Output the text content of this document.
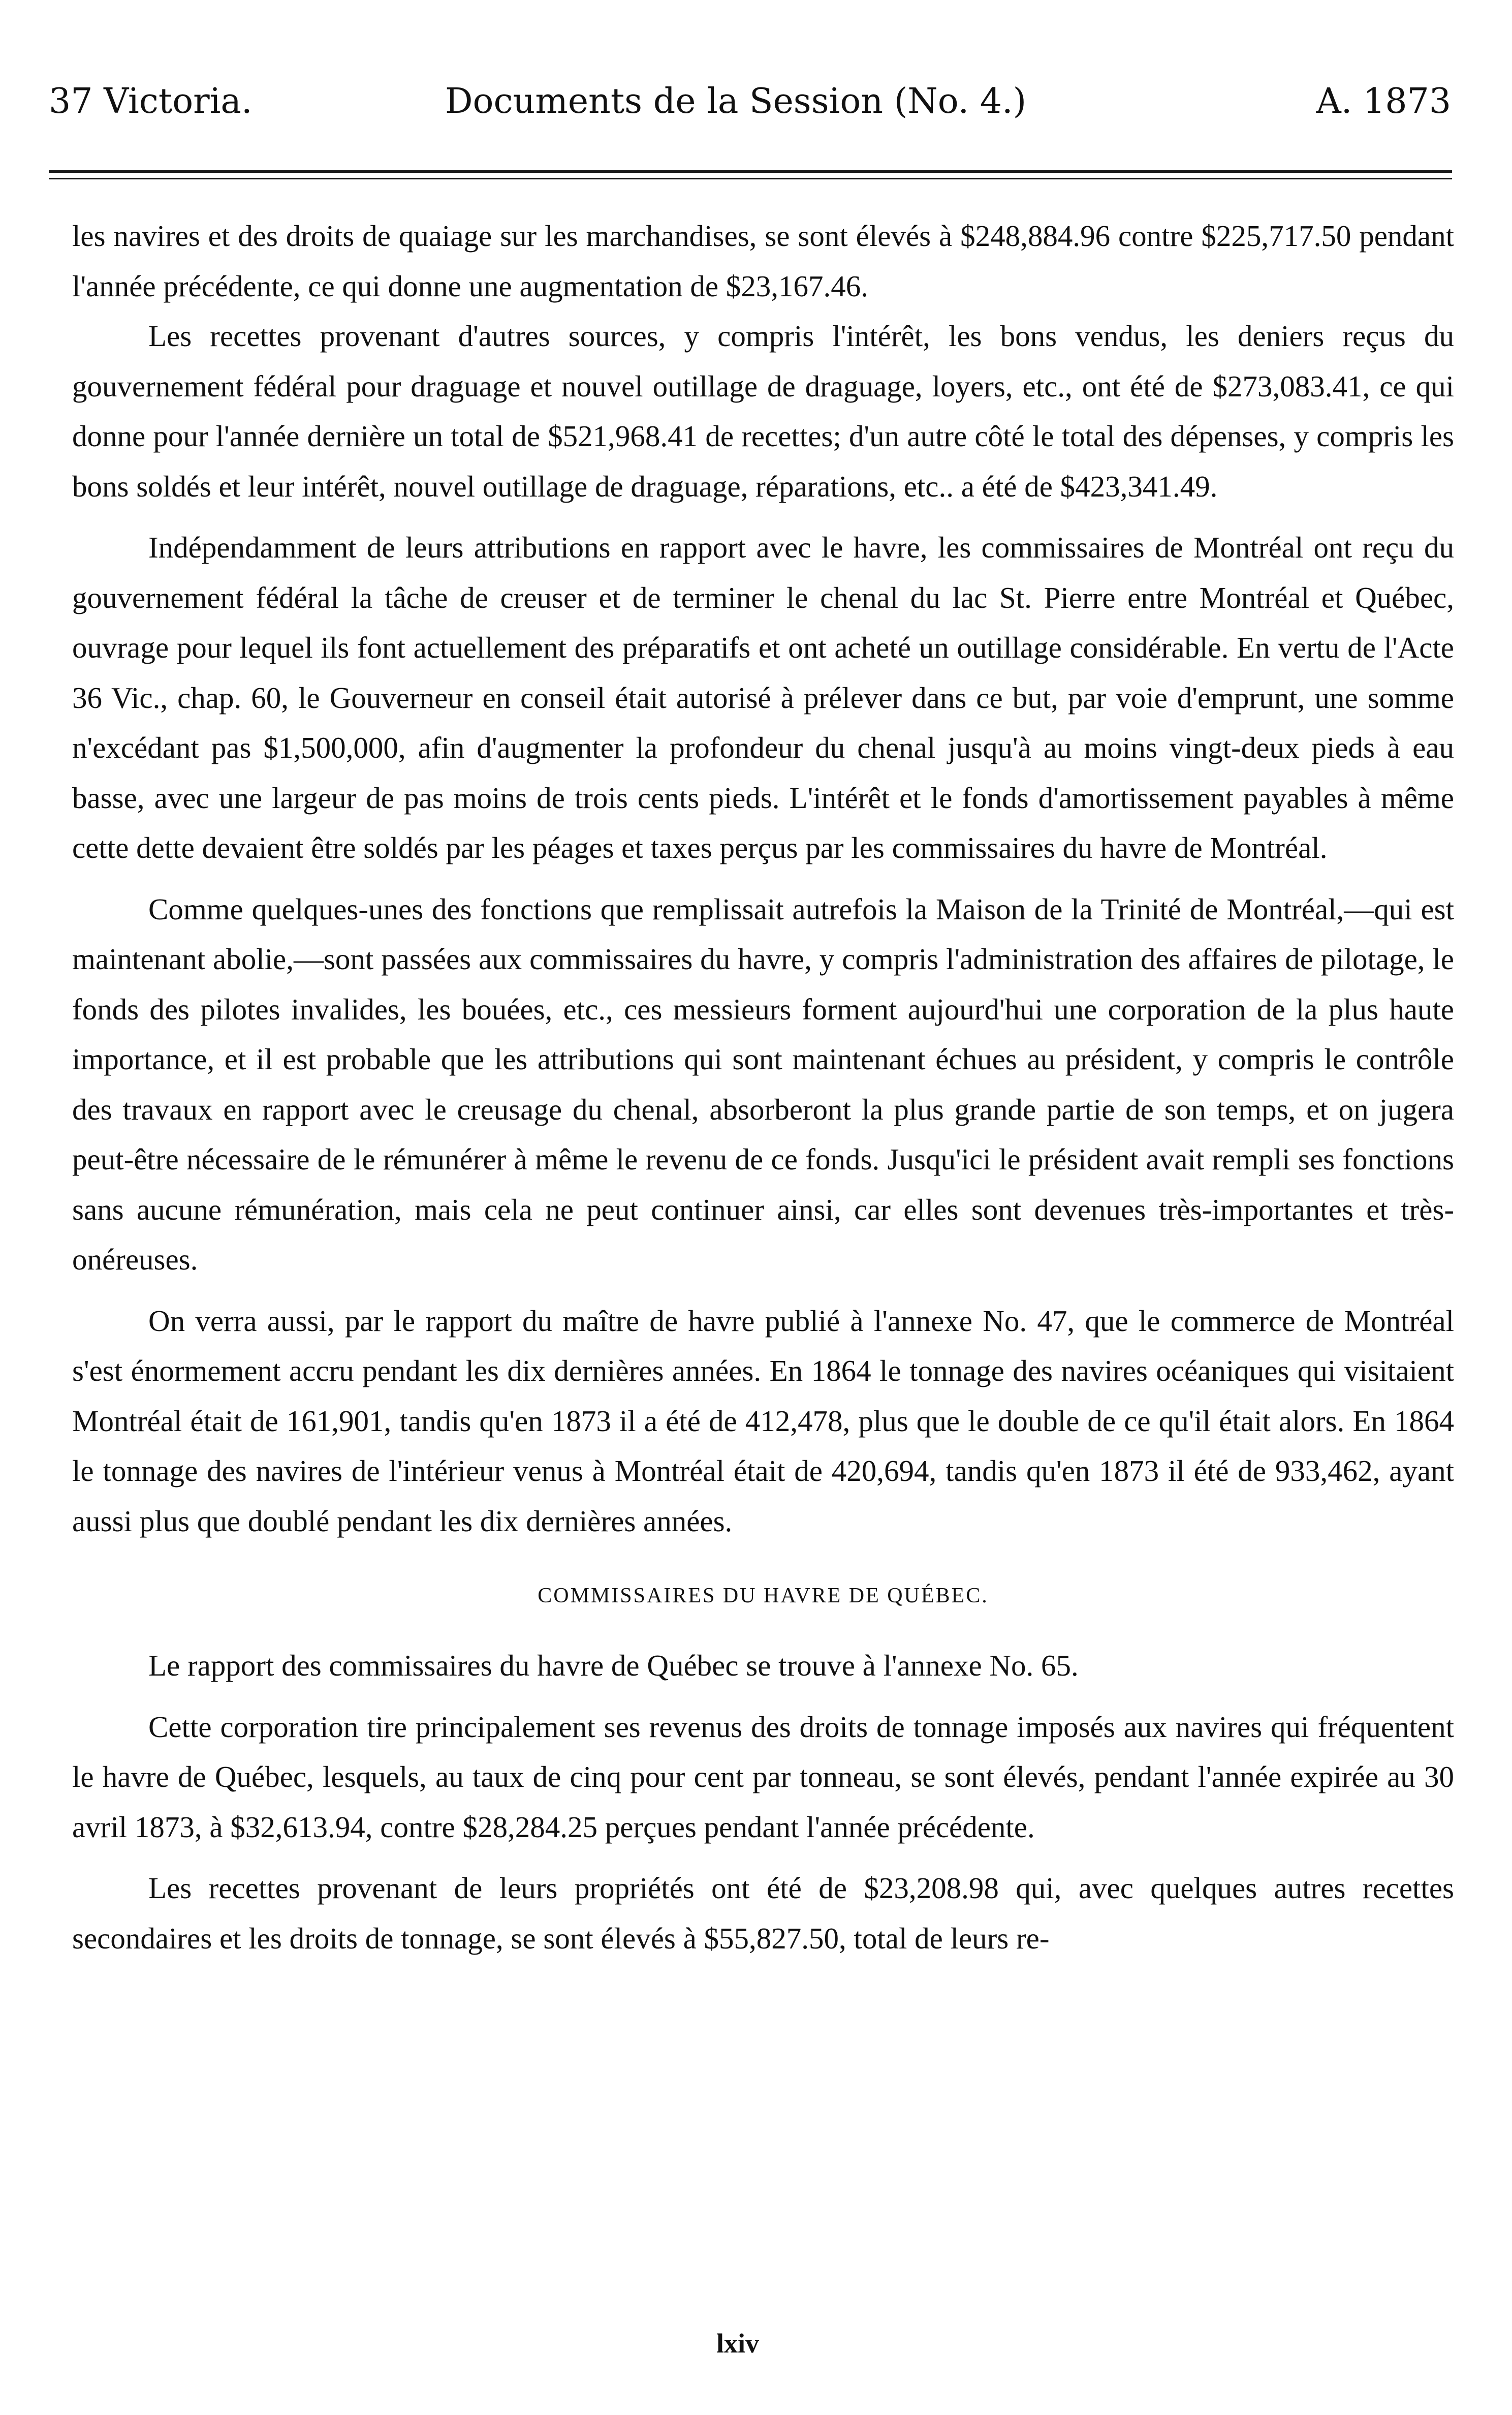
37 Victoria.	Documents de la Session (No. 4.)	A. 1873

les navires et des droits de quaiage sur les marchandises, se sont élevés à $248,884.96 contre $225,717.50 pendant l'année précédente, ce qui donne une augmentation de $23,167.46.

Les recettes provenant d'autres sources, y compris l'intérêt, les bons vendus, les deniers reçus du gouvernement fédéral pour draguage et nouvel outillage de draguage, loyers, etc., ont été de $273,083.41, ce qui donne pour l'année dernière un total de $521,968.41 de recettes; d'un autre côté le total des dépenses, y compris les bons soldés et leur intérêt, nouvel outillage de draguage, réparations, etc.. a été de $423,341.49.

Indépendamment de leurs attributions en rapport avec le havre, les commissaires de Montréal ont reçu du gouvernement fédéral la tâche de creuser et de terminer le chenal du lac St. Pierre entre Montréal et Québec, ouvrage pour lequel ils font actuellement des préparatifs et ont acheté un outillage considérable. En vertu de l'Acte 36 Vic., chap. 60, le Gouverneur en conseil était autorisé à prélever dans ce but, par voie d'emprunt, une somme n'excédant pas $1,500,000, afin d'augmenter la profondeur du chenal jusqu'à au moins vingt-deux pieds à eau basse, avec une largeur de pas moins de trois cents pieds. L'intérêt et le fonds d'amortissement payables à même cette dette devaient être soldés par les péages et taxes perçus par les commissaires du havre de Montréal.

Comme quelques-unes des fonctions que remplissait autrefois la Maison de la Trinité de Montréal,—qui est maintenant abolie,—sont passées aux commissaires du havre, y compris l'administration des affaires de pilotage, le fonds des pilotes invalides, les bouées, etc., ces messieurs forment aujourd'hui une corporation de la plus haute importance, et il est probable que les attributions qui sont maintenant échues au président, y compris le contrôle des travaux en rapport avec le creusage du chenal, absorberont la plus grande partie de son temps, et on jugera peut-être nécessaire de le rémunérer à même le revenu de ce fonds. Jusqu'ici le président avait rempli ses fonctions sans aucune rémunération, mais cela ne peut continuer ainsi, car elles sont devenues très-importantes et très-onéreuses.

On verra aussi, par le rapport du maître de havre publié à l'annexe No. 47, que le commerce de Montréal s'est énormement accru pendant les dix dernières années. En 1864 le tonnage des navires océaniques qui visitaient Montréal était de 161,901, tandis qu'en 1873 il a été de 412,478, plus que le double de ce qu'il était alors. En 1864 le tonnage des navires de l'intérieur venus à Montréal était de 420,694, tandis qu'en 1873 il été de 933,462, ayant aussi plus que doublé pendant les dix dernières années.

COMMISSAIRES DU HAVRE DE QUÉBEC.

Le rapport des commissaires du havre de Québec se trouve à l'annexe No. 65.

Cette corporation tire principalement ses revenus des droits de tonnage imposés aux navires qui fréquentent le havre de Québec, lesquels, au taux de cinq pour cent par tonneau, se sont élevés, pendant l'année expirée au 30 avril 1873, à $32,613.94, contre $28,284.25 perçues pendant l'année précédente.

Les recettes provenant de leurs propriétés ont été de $23,208.98 qui, avec quelques autres recettes secondaires et les droits de tonnage, se sont élevés à $55,827.50, total de leurs re-

lxiv
